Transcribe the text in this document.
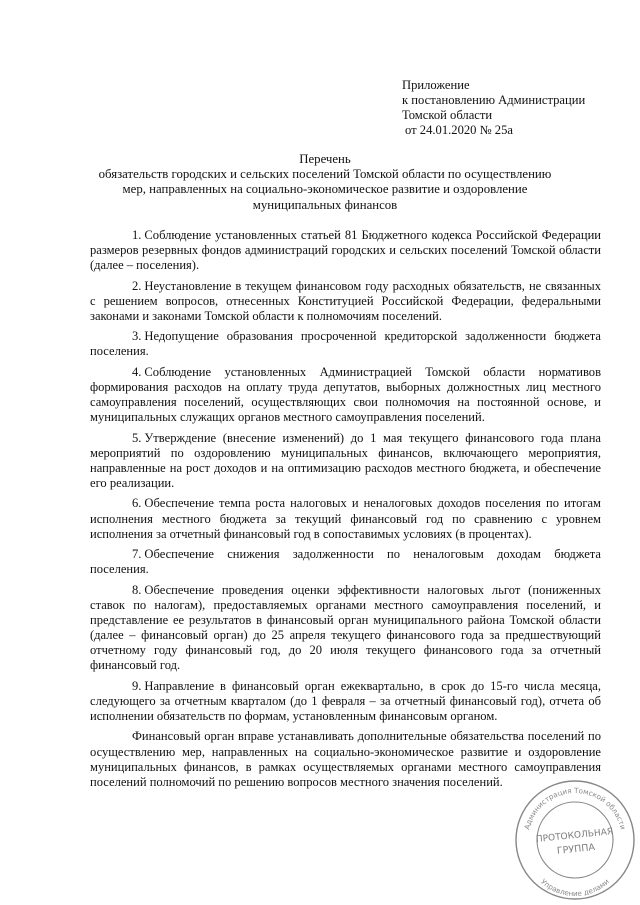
Приложение
к постановлению Администрации
Томской области
от 24.01.2020 № 25а
Перечень
обязательств городских и сельских поселений Томской области по осуществлению
мер, направленных на социально-экономическое развитие и оздоровление
муниципальных финансов

1. Соблюдение установленных статьей 81 Бюджетного кодекса Российской Федерации размеров резервных фондов администраций городских и сельских поселений Томской области (далее – поселения).

2. Неустановление в текущем финансовом году расходных обязательств, не связанных с решением вопросов, отнесенных Конституцией Российской Федерации, федеральными законами и законами Томской области к полномочиям поселений.

3. Недопущение образования просроченной кредиторской задолженности бюджета поселения.

4. Соблюдение установленных Администрацией Томской области нормативов формирования расходов на оплату труда депутатов, выборных должностных лиц местного самоуправления поселений, осуществляющих свои полномочия на постоянной основе, и муниципальных служащих органов местного самоуправления поселений.

5. Утверждение (внесение изменений) до 1 мая текущего финансового года плана мероприятий по оздоровлению муниципальных финансов, включающего мероприятия, направленные на рост доходов и на оптимизацию расходов местного бюджета, и обеспечение его реализации.

6. Обеспечение темпа роста налоговых и неналоговых доходов поселения по итогам исполнения местного бюджета за текущий финансовый год по сравнению с уровнем исполнения за отчетный финансовый год в сопоставимых условиях (в процентах).

7. Обеспечение снижения задолженности по неналоговым доходам бюджета поселения.

8. Обеспечение проведения оценки эффективности налоговых льгот (пониженных ставок по налогам), предоставляемых органами местного самоуправления поселений, и представление ее результатов в финансовый орган муниципального района Томской области (далее – финансовый орган) до 25 апреля текущего финансового года за предшествующий отчетному году финансовый год, до 20 июля текущего финансового года за отчетный финансовый год.

9. Направление в финансовый орган ежеквартально, в срок до 15-го числа месяца, следующего за отчетным кварталом (до 1 февраля – за отчетный финансовый год), отчета об исполнении обязательств по формам, установленным финансовым органом.

Финансовый орган вправе устанавливать дополнительные обязательства поселений по осуществлению мер, направленных на социально-экономическое развитие и оздоровление муниципальных финансов, в рамках осуществляемых органами местного самоуправления поселений полномочий по решению вопросов местного значения поселений.

Администрация Томской области
Управление делами
ПРОТОКОЛЬНАЯ
ГРУППА
